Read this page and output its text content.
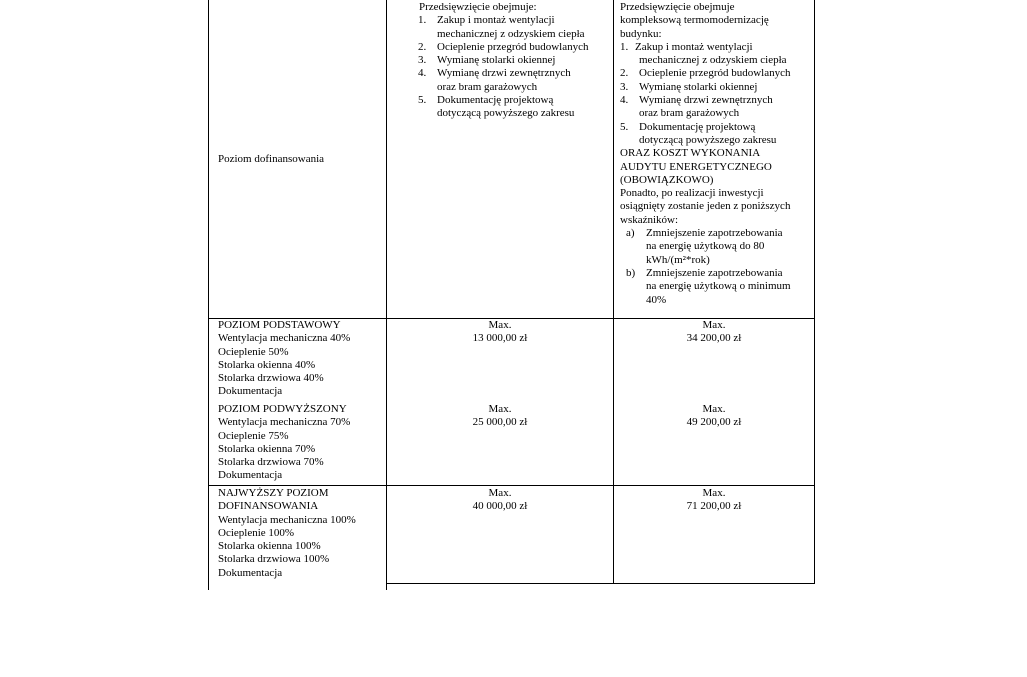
Poziom dofinansowania
Przedsięwzięcie obejmuje:
1. Zakup i montaż wentylacji
mechanicznej z odzyskiem ciepła
2. Ocieplenie przegród budowlanych
3. Wymianę stolarki okiennej
4. Wymianę drzwi zewnętrznych
oraz bram garażowych
5. Dokumentację projektową
dotyczącą powyższego zakresu
Przedsięwzięcie obejmuje
kompleksową termomodernizację
budynku:
1. Zakup i montaż wentylacji
mechanicznej z odzyskiem ciepła
2. Ocieplenie przegród budowlanych
3. Wymianę stolarki okiennej
4. Wymianę drzwi zewnętrznych
oraz bram garażowych
5. Dokumentację projektową
dotyczącą powyższego zakresu
ORAZ KOSZT WYKONANIA
AUDYTU ENERGETYCZNEGO
(OBOWIĄZKOWO)
Ponadto, po realizacji inwestycji
osiągnięty zostanie jeden z poniższych
wskaźników:
a) Zmniejszenie zapotrzebowania
na energię użytkową do 80
kWh/(m²*rok)
b) Zmniejszenie zapotrzebowania
na energię użytkową o minimum
40%
POZIOM PODSTAWOWY
Wentylacja mechaniczna 40%
Ocieplenie 50%
Stolarka okienna 40%
Stolarka drzwiowa 40%
Dokumentacja
Max.
13 000,00 zł
Max.
34 200,00 zł
POZIOM PODWYŻSZONY
Wentylacja mechaniczna 70%
Ocieplenie 75%
Stolarka okienna 70%
Stolarka drzwiowa 70%
Dokumentacja
Max.
25 000,00 zł
Max.
49 200,00 zł
NAJWYŻSZY POZIOM
DOFINANSOWANIA
Wentylacja mechaniczna 100%
Ocieplenie 100%
Stolarka okienna 100%
Stolarka drzwiowa 100%
Dokumentacja
Max.
40 000,00 zł
Max.
71 200,00 zł
